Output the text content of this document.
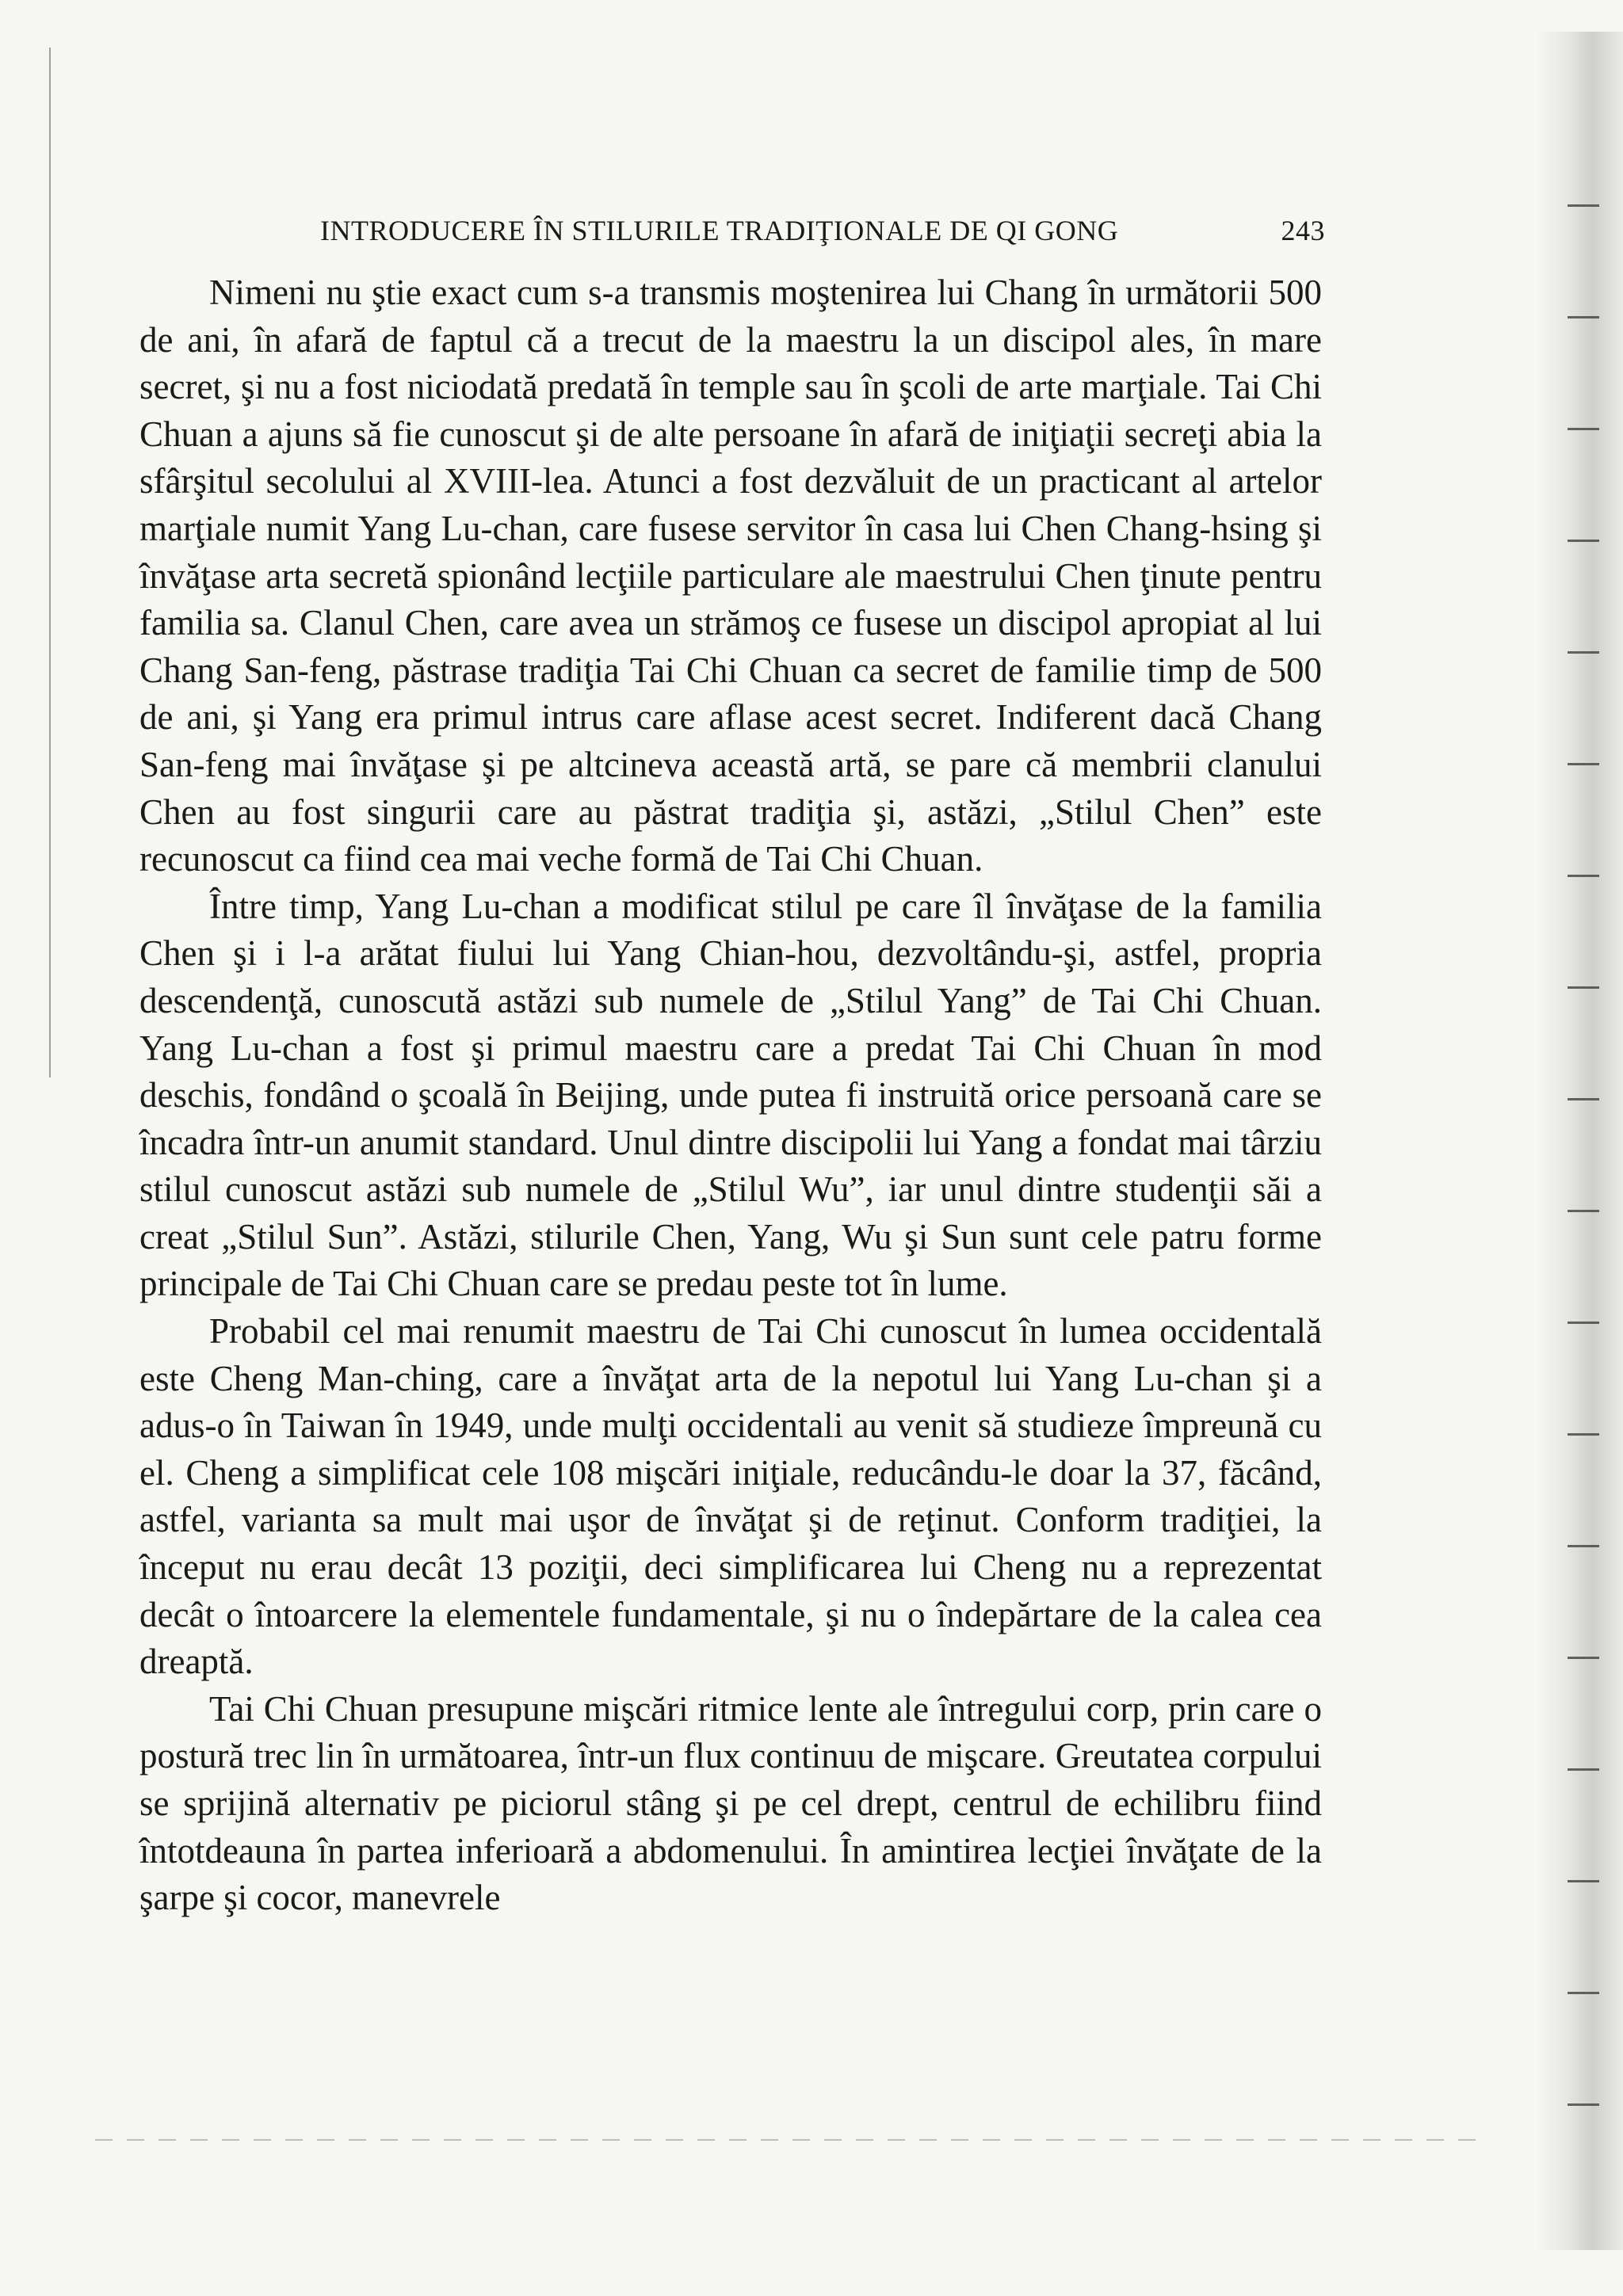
INTRODUCERE ÎN STILURILE TRADIŢIONALE DE QI GONG	243

Nimeni nu ştie exact cum s-a transmis moştenirea lui Chang în următorii 500 de ani, în afară de faptul că a trecut de la maestru la un discipol ales, în mare secret, şi nu a fost niciodată predată în temple sau în şcoli de arte marţiale. Tai Chi Chuan a ajuns să fie cunoscut şi de alte persoane în afară de iniţiaţii secreţi abia la sfârşitul secolului al XVIII-lea. Atunci a fost dezvăluit de un practicant al artelor marţiale numit Yang Lu-chan, care fusese servitor în casa lui Chen Chang-hsing şi învăţase arta secretă spionând lecţiile particulare ale maestrului Chen ţinute pentru familia sa. Clanul Chen, care avea un strămoş ce fusese un discipol apropiat al lui Chang San-feng, păstrase tradiţia Tai Chi Chuan ca secret de familie timp de 500 de ani, şi Yang era primul intrus care aflase acest secret. Indiferent dacă Chang San-feng mai învăţase şi pe altcineva această artă, se pare că membrii clanului Chen au fost singurii care au păstrat tradiţia şi, astăzi, „Stilul Chen” este recunoscut ca fiind cea mai veche formă de Tai Chi Chuan.

Între timp, Yang Lu-chan a modificat stilul pe care îl învăţase de la familia Chen şi i l-a arătat fiului lui Yang Chian-hou, dezvoltându-şi, astfel, propria descendenţă, cunoscută astăzi sub numele de „Stilul Yang” de Tai Chi Chuan. Yang Lu-chan a fost şi primul maestru care a predat Tai Chi Chuan în mod deschis, fondând o şcoală în Beijing, unde putea fi instruită orice persoană care se încadra într-un anumit standard. Unul dintre discipolii lui Yang a fondat mai târziu stilul cunoscut astăzi sub numele de „Stilul Wu”, iar unul dintre studenţii săi a creat „Stilul Sun”. Astăzi, stilurile Chen, Yang, Wu şi Sun sunt cele patru forme principale de Tai Chi Chuan care se predau peste tot în lume.

Probabil cel mai renumit maestru de Tai Chi cunoscut în lumea occidentală este Cheng Man-ching, care a învăţat arta de la nepotul lui Yang Lu-chan şi a adus-o în Taiwan în 1949, unde mulţi occidentali au venit să studieze împreună cu el. Cheng a simplificat cele 108 mişcări iniţiale, reducându-le doar la 37, făcând, astfel, varianta sa mult mai uşor de învăţat şi de reţinut. Conform tradiţiei, la început nu erau decât 13 poziţii, deci simplificarea lui Cheng nu a reprezentat decât o întoarcere la elementele fundamentale, şi nu o îndepărtare de la calea cea dreaptă.

Tai Chi Chuan presupune mişcări ritmice lente ale întregului corp, prin care o postură trec lin în următoarea, într-un flux continuu de mişcare. Greutatea corpului se sprijină alternativ pe piciorul stâng şi pe cel drept, centrul de echilibru fiind întotdeauna în partea inferioară a abdomenului. În amintirea lecţiei învăţate de la şarpe şi cocor, manevrele
